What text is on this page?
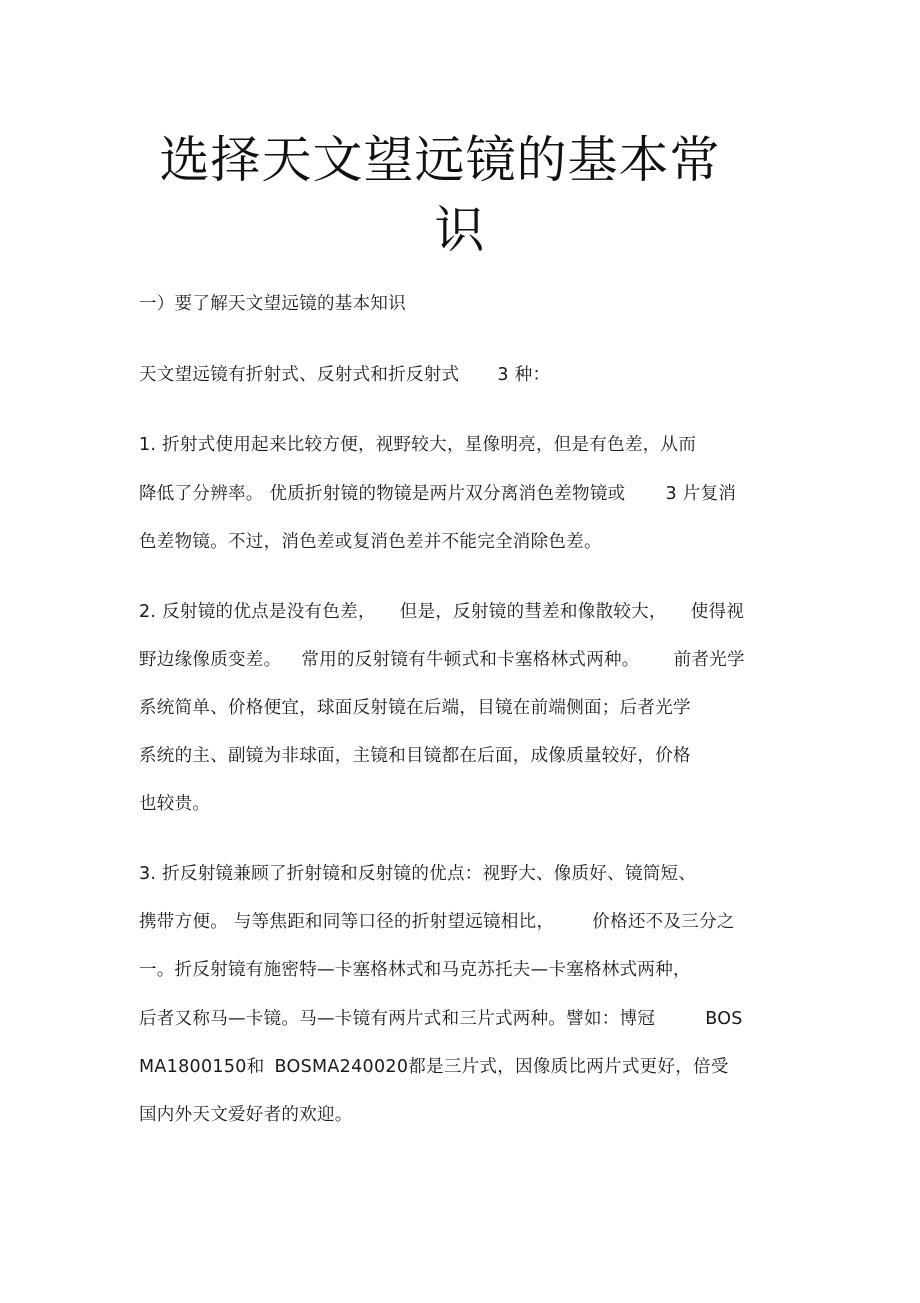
选择天文望远镜的基本常
识
一）要了解天文望远镜的基本知识
天文望远镜有折射式、反射式和折反射式 3 种：
1. 折射式使用起来比较方便，视野较大，星像明亮，但是有色差，从而
降低了分辨率。 优质折射镜的物镜是两片双分离消色差物镜或 3 片复消
色差物镜。不过，消色差或复消色差并不能完全消除色差。
2. 反射镜的优点是没有色差， 但是，反射镜的彗差和像散较大， 使得视
野边缘像质变差。 常用的反射镜有牛顿式和卡塞格林式两种。 前者光学
系统简单、价格便宜，球面反射镜在后端，目镜在前端侧面；后者光学
系统的主、副镜为非球面，主镜和目镜都在后面，成像质量较好，价格
也较贵。
3. 折反射镜兼顾了折射镜和反射镜的优点：视野大、像质好、镜筒短、
携带方便。 与等焦距和同等口径的折射望远镜相比， 价格还不及三分之
一。折反射镜有施密特—卡塞格林式和马克苏托夫—卡塞格林式两种，
后者又称马—卡镜。马—卡镜有两片式和三片式两种。譬如：博冠	BOS
MA1800150和 BOSMA240020都是三片式，因像质比两片式更好，倍受
国内外天文爱好者的欢迎。
